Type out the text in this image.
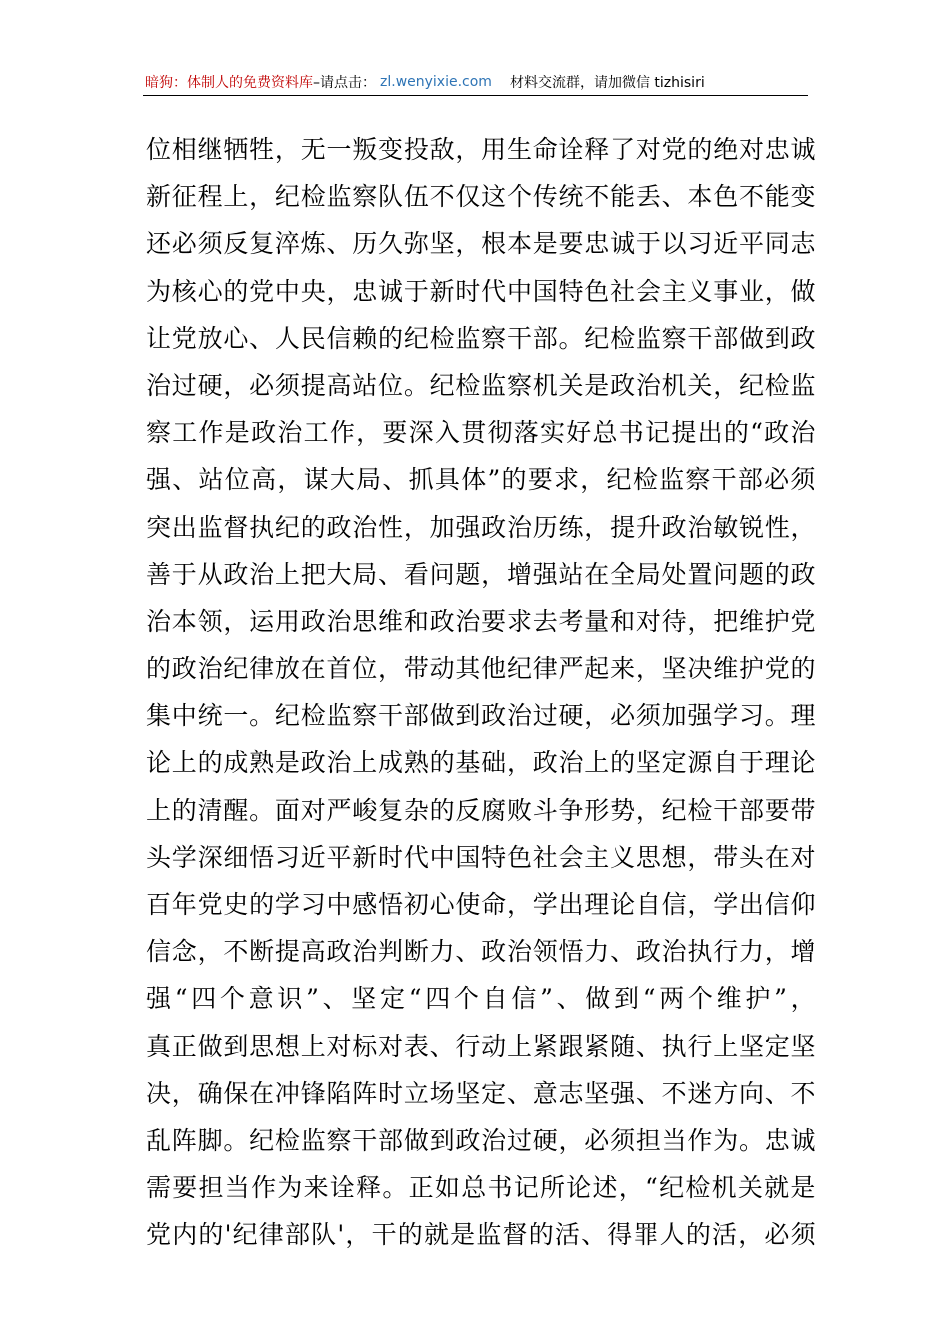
暗狗：体制人的免费资料库 –请点击： zl.wenyixie.com 材料交流群，请加微信 tizhisiri
位 相 继 牺 牲 ， 无 一 叛 变 投 敌 ， 用 生 命 诠 释 了 对 党 的 绝 对 忠 诚
新 征 程 上 ， 纪 检 监 察 队 伍 不 仅 这 个 传 统 不 能 丢 、 本 色 不 能 变
还 必 须 反 复 淬 炼 、 历 久 弥 坚 ， 根 本 是 要 忠 诚 于 以 习 近 平 同 志
为 核 心 的 党 中 央 ， 忠 诚 于 新 时 代 中 国 特 色 社 会 主 义 事 业 ， 做
让 党 放 心 、 人 民 信 赖 的 纪 检 监 察 干 部 。 纪 检 监 察 干 部 做 到 政
治 过 硬 ， 必 须 提 高 站 位 。 纪 检 监 察 机 关 是 政 治 机 关 ， 纪 检 监
察 工 作 是 政 治 工 作 ， 要 深 入 贯 彻 落 实 好 总 书 记 提 出 的 “ 政 治
强 、 站 位 高 ， 谋 大 局 、 抓 具 体 ” 的 要 求 ， 纪 检 监 察 干 部 必 须
突 出 监 督 执 纪 的 政 治 性 ， 加 强 政 治 历 练 ， 提 升 政 治 敏 锐 性 ，
善 于 从 政 治 上 把 大 局 、 看 问 题 ， 增 强 站 在 全 局 处 置 问 题 的 政
治 本 领 ， 运 用 政 治 思 维 和 政 治 要 求 去 考 量 和 对 待 ， 把 维 护 党
的 政 治 纪 律 放 在 首 位 ， 带 动 其 他 纪 律 严 起 来 ， 坚 决 维 护 党 的
集 中 统 一 。 纪 检 监 察 干 部 做 到 政 治 过 硬 ， 必 须 加 强 学 习 。 理
论 上 的 成 熟 是 政 治 上 成 熟 的 基 础 ， 政 治 上 的 坚 定 源 自 于 理 论
上 的 清 醒 。 面 对 严 峻 复 杂 的 反 腐 败 斗 争 形 势 ， 纪 检 干 部 要 带
头 学 深 细 悟 习 近 平 新 时 代 中 国 特 色 社 会 主 义 思 想 ， 带 头 在 对
百 年 党 史 的 学 习 中 感 悟 初 心 使 命 ， 学 出 理 论 自 信 ， 学 出 信 仰
信 念 ， 不 断 提 高 政 治 判 断 力 、 政 治 领 悟 力 、 政 治 执 行 力 ， 增
强 “ 四 个 意 识 ” 、 坚 定 “ 四 个 自 信 ” 、 做 到 “ 两 个 维 护 ” ，
真 正 做 到 思 想 上 对 标 对 表 、 行 动 上 紧 跟 紧 随 、 执 行 上 坚 定 坚
决 ， 确 保 在 冲 锋 陷 阵 时 立 场 坚 定 、 意 志 坚 强 、 不 迷 方 向 、 不
乱 阵 脚 。 纪 检 监 察 干 部 做 到 政 治 过 硬 ， 必 须 担 当 作 为 。 忠 诚
需 要 担 当 作 为 来 诠 释 。 正 如 总 书 记 所 论 述 ， “ 纪 检 机 关 就 是
党 内 的 ' 纪 律 部 队 ' ， 干 的 就 是 监 督 的 活 、 得 罪 人 的 活 ， 必 须
